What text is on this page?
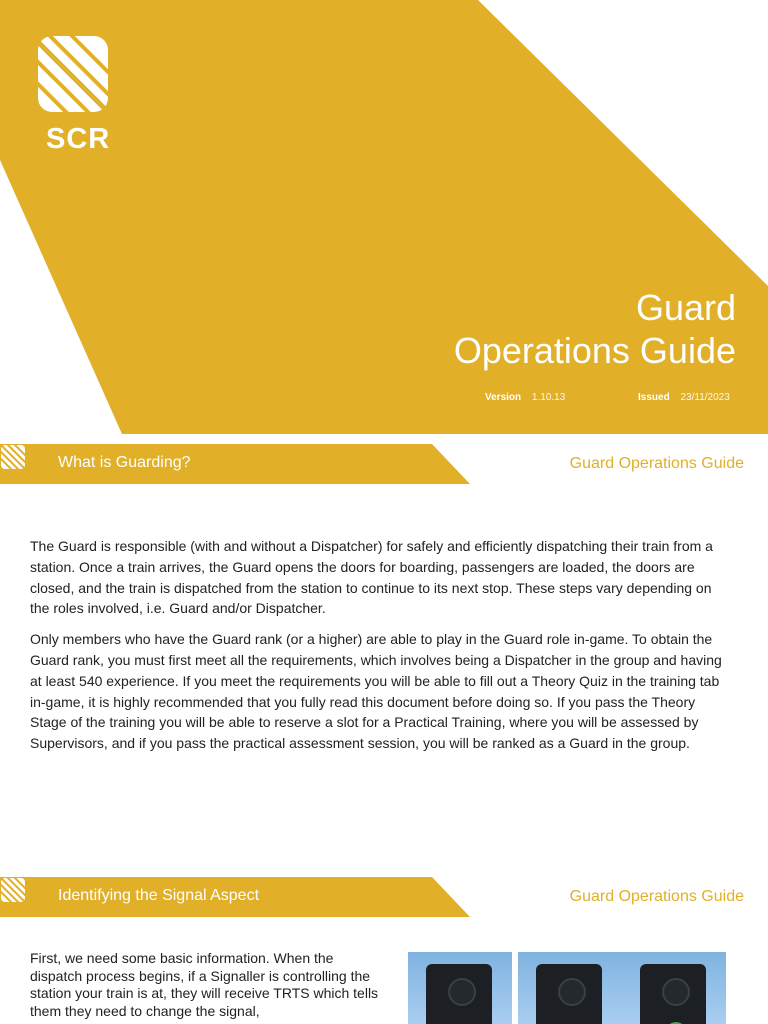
SCR
Guard
Operations Guide
Version 1.10.13	Issued 23/11/2023
What is Guarding?	Guard Operations Guide

The Guard is responsible (with and without a Dispatcher) for safely and efficiently dispatching their train from a station. Once a train arrives, the Guard opens the doors for boarding, passengers are loaded, the doors are closed, and the train is dispatched from the station to continue to its next stop. These steps vary depending on the roles involved, i.e. Guard and/or Dispatcher.

Only members who have the Guard rank (or a higher) are able to play in the Guard role in-game. To obtain the Guard rank, you must first meet all the requirements, which involves being a Dispatcher in the group and having at least 540 experience. If you meet the requirements you will be able to fill out a Theory Quiz in the training tab in-game, it is highly recommended that you fully read this document before doing so. If you pass the Theory Stage of the training you will be able to reserve a slot for a Practical Training, where you will be assessed by Supervisors, and if you pass the practical assessment session, you will be ranked as a Guard in the group.

Identifying the Signal Aspect	Guard Operations Guide
First, we need some basic information. When the dispatch process begins, if a Signaller is controlling the station your train is at, they will receive TRTS which tells them they need to change the signal,
